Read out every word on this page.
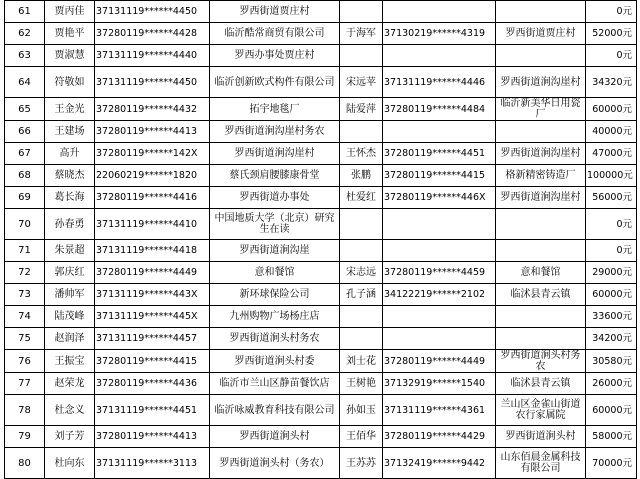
61	贾丙佳	37131119******4450	罗西街道贾庄村				0元
62	贾艳平	37280119******4428	临沂酷常商贸有限公司	于海军	37130219******4319	罗西街道贾庄村	52000元
63	贾淑慧	37131119******4440	罗西办事处贾庄村				0元
64	符敬如	37131119******4450	临沂创新欧式构件有限公司	宋远苹	37131119******4446	罗西街道涧沟崖村	34320元
65	王金光	37280119******4432	拓宇地毯厂	陆爱萍	37280119******4484	临沂新美华日用瓷厂	60000元
66	王建场	37280119******4413	罗西街道涧沟崖村务农				40000元
67	高升	37280119******142X	罗西街道涧沟崖村	王怀杰	37280119******4451	罗西街道涧沟崖村	47000元
68	蔡晓杰	22060219******1820	蔡氏颈肩腰膝康骨堂	张鹏	37280119******4415	格新精密铸造厂	100000元
69	葛长海	37280119******4416	罗西街道办事处	杜爱红	37280119******446X	罗西街道涧沟崖村	56000元
70	孙春勇	37131119******4410	中国地质大学（北京）研究生在读				0元
71	朱景超	37131119******4418	罗西街道涧沟崖				0元
72	郭庆红	37280119******4449	意和餐馆	宋志远	37280119******4459	意和餐馆	29000元
73	潘帅军	37131119******443X	新环球保险公司	孔子涵	34122219******2102	临沭县青云镇	60000元
74	陆茂峰	37131119******445X	九州购物广场杨庄店				33600元
75	赵润泽	37131119******4457	罗西街道涧头村务农				34200元
76	王振宝	37280119******4415	罗西街道涧头村委	刘士花	37280119******4449	罗西街道涧头村务农	30580元
77	赵荣龙	37280119******4436	临沂市兰山区静苗餐饮店	王树艳	37132919******1540	临沭县青云镇	26000元
78	杜念义	37131119******4451	临沂咏威教育科技有限公司	孙如玉	37131119******4361	兰山区金雀山街道农行家属院	60000元
79	刘子芳	37280119******4413	罗西街道涧头村	王佰华	37280119******4429	罗西街道涧头村	58000元
80	杜向东	37131119******3113	罗西街道涧头村（务农）	王苏苏	37132419******9442	山东佰晨金属科技有限公司	70000元
